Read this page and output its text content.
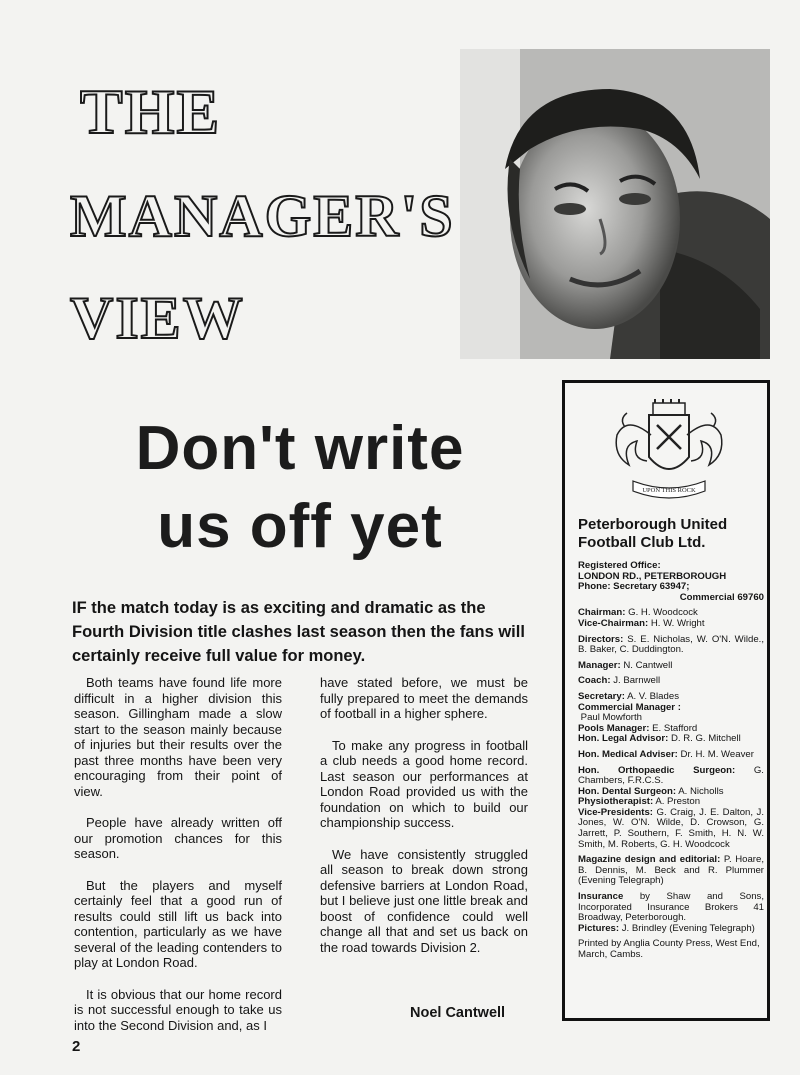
THE
MANAGER'S
VIEW
Don't write
us off yet
IF the match today is as exciting and dramatic as the Fourth Division title clashes last season then the fans will certainly receive full value for money.

Both teams have found life more difficult in a higher division this season. Gillingham made a slow start to the season mainly because of injuries but their results over the past three months have been very encouraging from their point of view.

People have already written off our promotion chances for this season.

But the players and myself certainly feel that a good run of results could still lift us back into contention, particularly as we have several of the leading contenders to play at London Road.

It is obvious that our home record is not successful enough to take us into the Second Division and, as I

have stated before, we must be fully prepared to meet the demands of football in a higher sphere.

To make any progress in football a club needs a good home record. Last season our performances at London Road provided us with the foundation on which to build our championship success.

We have consistently struggled all season to break down strong defensive barriers at London Road, but I believe just one little break and boost of confidence could well change all that and set us back on the road towards Division 2.

Noel Cantwell
2
UPON THIS ROCK
Peterborough United
Football Club Ltd.
Registered Office:
LONDON RD., PETERBOROUGH
Phone: Secretary 63947;
Commercial 69760
Chairman: G. H. Woodcock
Vice-Chairman: H. W. Wright
Directors: S. E. Nicholas, W. O'N. Wilde., B. Baker, C. Duddington.
Manager: N. Cantwell
Coach: J. Barnwell
Secretary: A. V. Blades
Commercial Manager :
Paul Mowforth
Pools Manager: E. Stafford
Hon. Legal Advisor: D. R. G. Mitchell
Hon. Medical Adviser: Dr. H. M. Weaver
Hon. Orthopaedic Surgeon: G. Chambers, F.R.C.S.
Hon. Dental Surgeon: A. Nicholls
Physiotherapist: A. Preston
Vice-Presidents: G. Craig, J. E. Dalton, J. Jones, W. O'N. Wilde, D. Crowson, G. Jarrett, P. Southern, F. Smith, H. N. W. Smith, M. Roberts, G. H. Woodcock
Magazine design and editorial: P. Hoare, B. Dennis, M. Beck and R. Plummer (Evening Telegraph)
Insurance by Shaw and Sons, Incorporated Insurance Brokers 41 Broadway, Peterborough.
Pictures: J. Brindley (Evening Telegraph)
Printed by Anglia County Press, West End, March, Cambs.
